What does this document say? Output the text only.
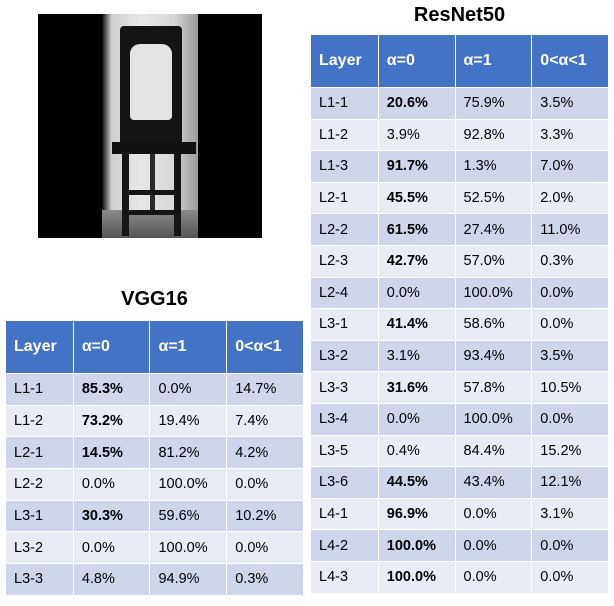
ResNet50
Layer	α=0	α=1	0<α<1
L1-1	20.6%	75.9%	3.5%
L1-2	3.9%	92.8%	3.3%
L1-3	91.7%	1.3%	7.0%
L2-1	45.5%	52.5%	2.0%
L2-2	61.5%	27.4%	11.0%
L2-3	42.7%	57.0%	0.3%
L2-4	0.0%	100.0%	0.0%
L3-1	41.4%	58.6%	0.0%
L3-2	3.1%	93.4%	3.5%
L3-3	31.6%	57.8%	10.5%
L3-4	0.0%	100.0%	0.0%
L3-5	0.4%	84.4%	15.2%
L3-6	44.5%	43.4%	12.1%
L4-1	96.9%	0.0%	3.1%
L4-2	100.0%	0.0%	0.0%
L4-3	100.0%	0.0%	0.0%
VGG16
Layer	α=0	α=1	0<α<1
L1-1	85.3%	0.0%	14.7%
L1-2	73.2%	19.4%	7.4%
L2-1	14.5%	81.2%	4.2%
L2-2	0.0%	100.0%	0.0%
L3-1	30.3%	59.6%	10.2%
L3-2	0.0%	100.0%	0.0%
L3-3	4.8%	94.9%	0.3%
